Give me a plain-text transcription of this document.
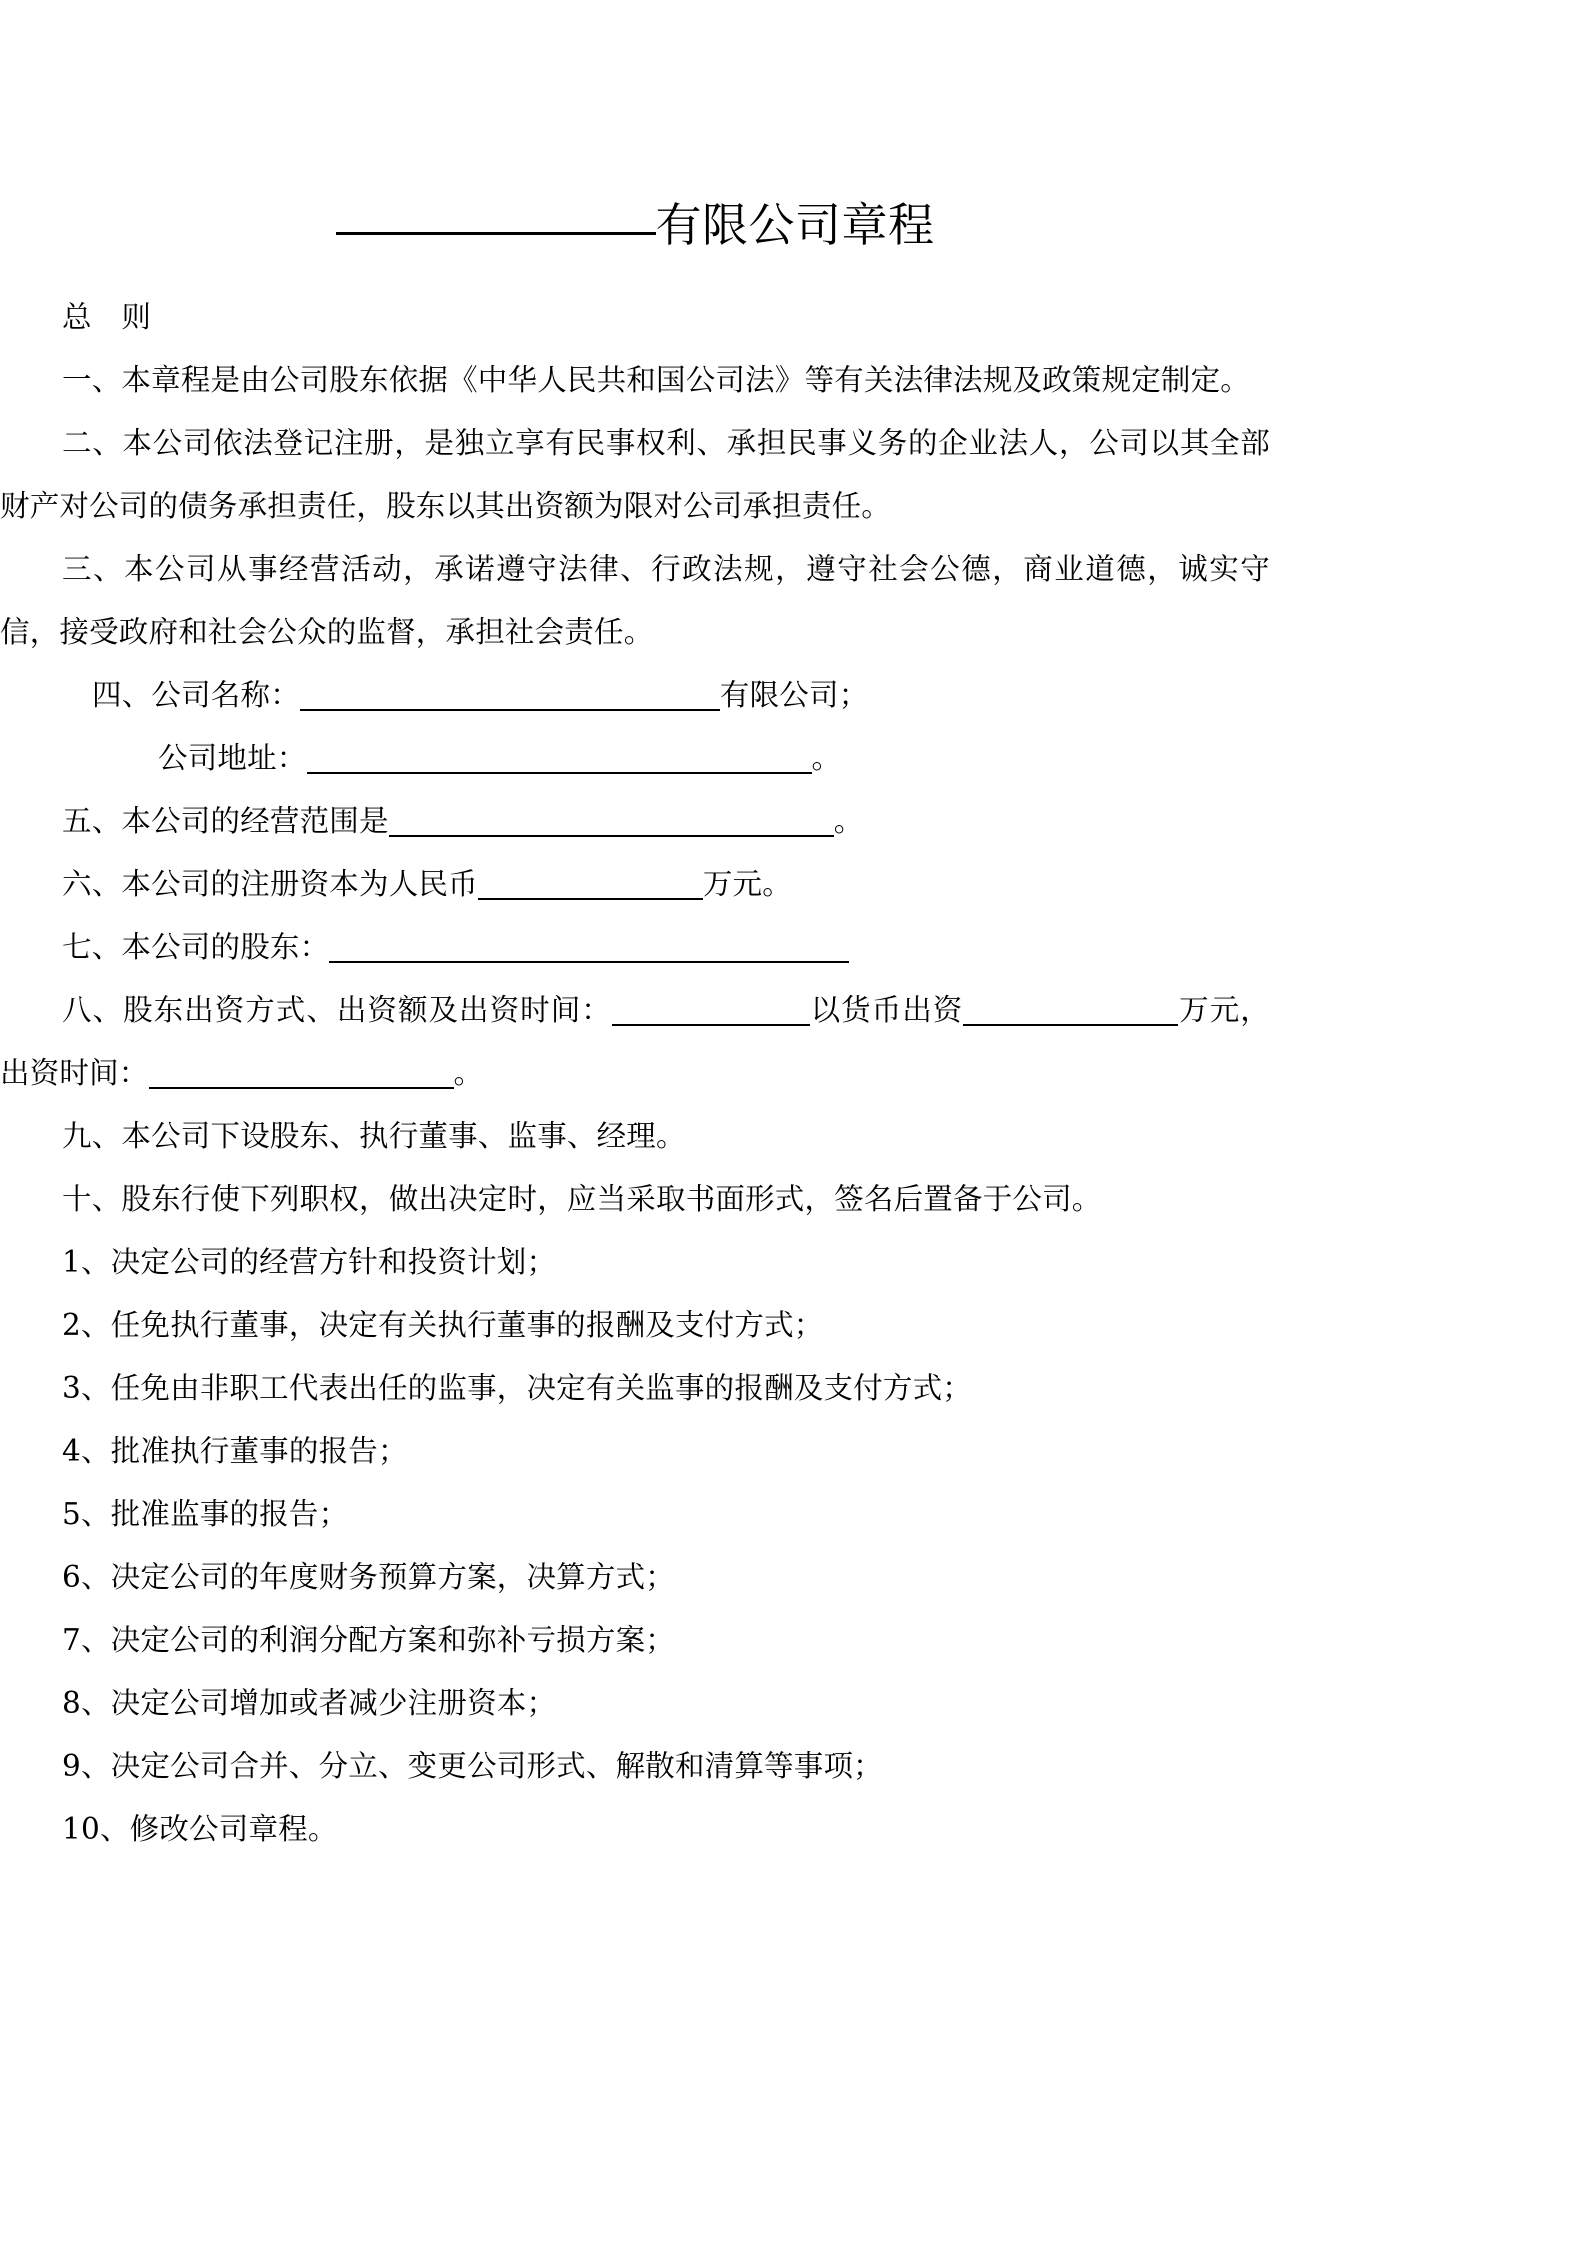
有限公司章程

总　则

一、本章程是由公司股东依据《中华人民共和国公司法》等有关法律法规及政策规定制定。

二、本公司依法登记注册，是独立享有民事权利、承担民事义务的企业法人，公司以其全部财产对公司的债务承担责任，股东以其出资额为限对公司承担责任。

三、本公司从事经营活动，承诺遵守法律、行政法规，遵守社会公德，商业道德，诚实守信，接受政府和社会公众的监督，承担社会责任。

四、公司名称：	有限公司；

公司地址：	。

五、本公司的经营范围是	。

六、本公司的注册资本为人民币	万元。

七、本公司的股东：

八、股东出资方式、出资额及出资时间：	以货币出资	万元，出资时间：	。

九、本公司下设股东、执行董事、监事、经理。

十、股东行使下列职权，做出决定时，应当采取书面形式，签名后置备于公司。

1、决定公司的经营方针和投资计划；

2、任免执行董事，决定有关执行董事的报酬及支付方式；

3、任免由非职工代表出任的监事，决定有关监事的报酬及支付方式；

4、批准执行董事的报告；

5、批准监事的报告；

6、决定公司的年度财务预算方案，决算方式；

7、决定公司的利润分配方案和弥补亏损方案；

8、决定公司增加或者减少注册资本；

9、决定公司合并、分立、变更公司形式、解散和清算等事项；

10、修改公司章程。
